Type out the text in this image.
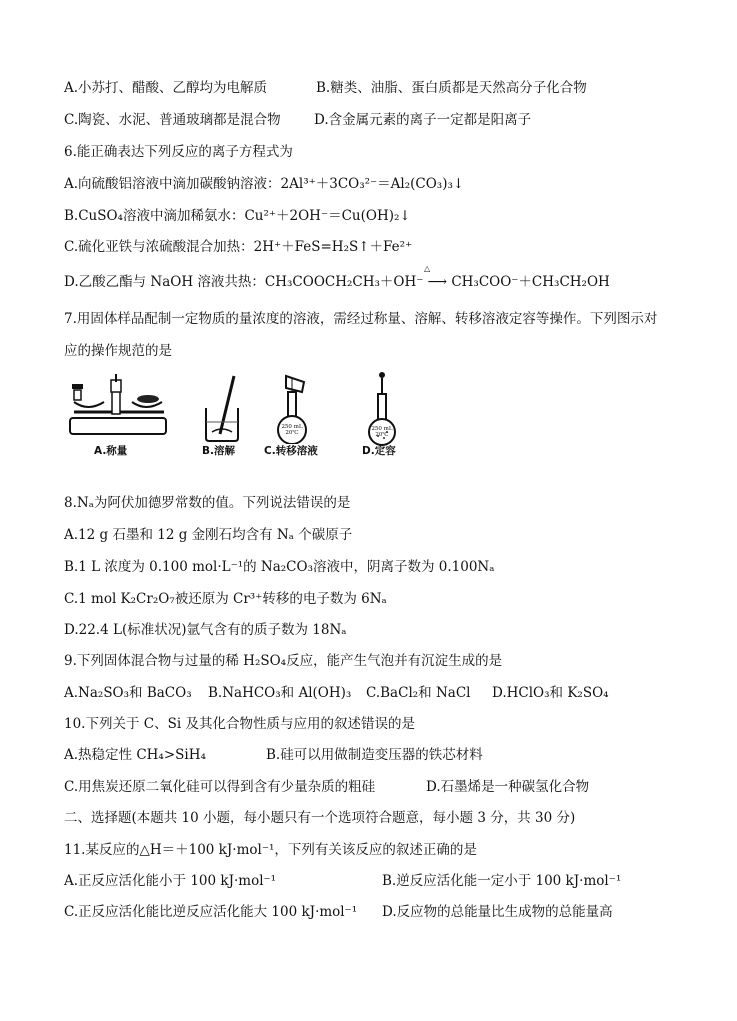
A.小苏打、醋酸、乙醇均为电解质	B.糖类、油脂、蛋白质都是天然高分子化合物
C.陶瓷、水泥、普通玻璃都是混合物 D.含金属元素的离子一定都是阳离子
6.能正确表达下列反应的离子方程式为
A.向硫酸铝溶液中滴加碳酸钠溶液：2Al³⁺＋3CO₃²⁻＝Al₂(CO₃)₃↓
B.CuSO₄溶液中滴加稀氨水：Cu²⁺＋2OH⁻＝Cu(OH)₂↓
C.硫化亚铁与浓硫酸混合加热：2H⁺＋FeS=H₂S↑＋Fe²⁺
D.乙酸乙酯与 NaOH 溶液共热：CH₃COOCH₂CH₃＋OH⁻ ⟶ CH₃COO⁻＋CH₃CH₂OH
△
7.用固体样品配制一定物质的量浓度的溶液，需经过称量、溶解、转移溶液定容等操作。下列图示对
应的操作规范的是
A.称量	B.溶解
250 mL 20℃
C.转移溶液
250 mL 20℃
D.定容
8.Nₐ为阿伏加德罗常数的值。下列说法错误的是
A.12 g 石墨和 12 g 金刚石均含有 Nₐ 个碳原子
B.1 L 浓度为 0.100 mol·L⁻¹的 Na₂CO₃溶液中，阴离子数为 0.100Nₐ
C.1 mol K₂Cr₂O₇被还原为 Cr³⁺转移的电子数为 6Nₐ
D.22.4 L(标准状况)氩气含有的质子数为 18Nₐ
9.下列固体混合物与过量的稀 H₂SO₄反应，能产生气泡并有沉淀生成的是
A.Na₂SO₃和 BaCO₃ B.NaHCO₃和 Al(OH)₃ C.BaCl₂和 NaCl D.HClO₃和 K₂SO₄
10.下列关于 C、Si 及其化合物性质与应用的叙述错误的是
A.热稳定性 CH₄>SiH₄	B.硅可以用做制造变压器的铁芯材料
C.用焦炭还原二氧化硅可以得到含有少量杂质的粗硅	D.石墨烯是一种碳氢化合物
二、选择题(本题共 10 小题，每小题只有一个选项符合题意，每小题 3 分，共 30 分)
11.某反应的△H＝＋100 kJ·mol⁻¹，下列有关该反应的叙述正确的是
A.正反应活化能小于 100 kJ·mol⁻¹	B.逆反应活化能一定小于 100 kJ·mol⁻¹
C.正反应活化能比逆反应活化能大 100 kJ·mol⁻¹ D.反应物的总能量比生成物的总能量高
